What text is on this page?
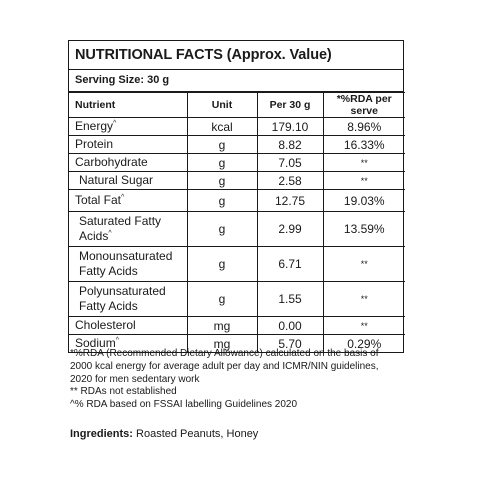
NUTRITIONAL FACTS (Approx. Value)
Serving Size: 30 g
Nutrient	Unit	Per 30 g	*%RDA per serve
Energy^	kcal	179.10	8.96%
Protein	g	8.82	16.33%
Carbohydrate	g	7.05	**
Natural Sugar	g	2.58	**
Total Fat^	g	12.75	19.03%
Saturated Fatty
Acids^	g	2.99	13.59%
Monounsaturated
Fatty Acids	g	6.71	**
Polyunsaturated
Fatty Acids	g	1.55	**
Cholesterol	mg	0.00	**
Sodium^	mg	5.70	0.29%
*%RDA (Recommended Dietary Allowance) calculated on the basis of
2000 kcal energy for average adult per day and ICMR/NIN guidelines,
2020 for men sedentary work
** RDAs not established
^% RDA based on FSSAI labelling Guidelines 2020
Ingredients: Roasted Peanuts, Honey
